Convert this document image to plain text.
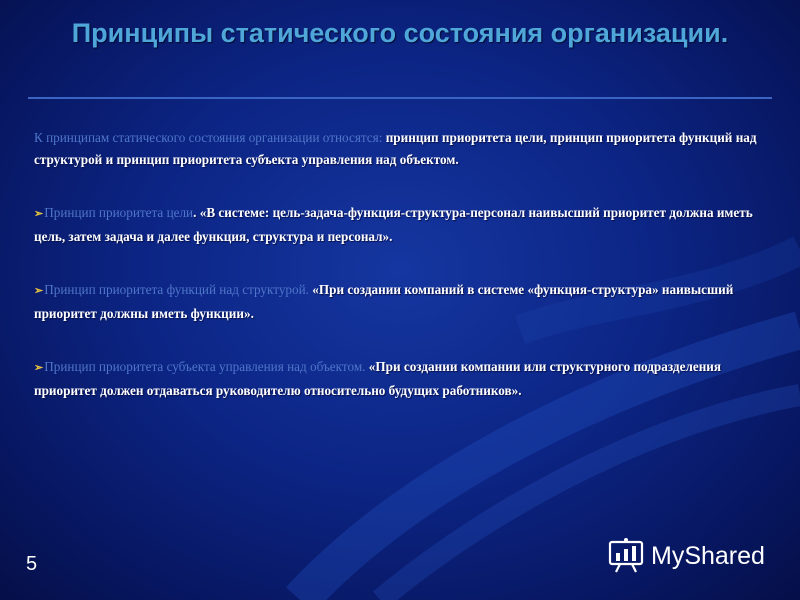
Принципы статического состояния организации.

К принципам статического состояния организации относятся: принцип приоритета цели, принцип приоритета функций над структурой и принцип приоритета субъекта управления над объектом.

➢Принцип приоритета цели. «В системе: цель-задача-функция-структура-персонал наивысший приоритет должна иметь цель, затем задача и далее функция, структура и персонал».

➢Принцип приоритета функций над структурой. «При создании компаний в системе «функция-структура» наивысший приоритет должны иметь функции».

➢Принцип приоритета субъекта управления над объектом. «При создании компании или структурного подразделения приоритет должен отдаваться руководителю относительно будущих работников».

5	MyShared
